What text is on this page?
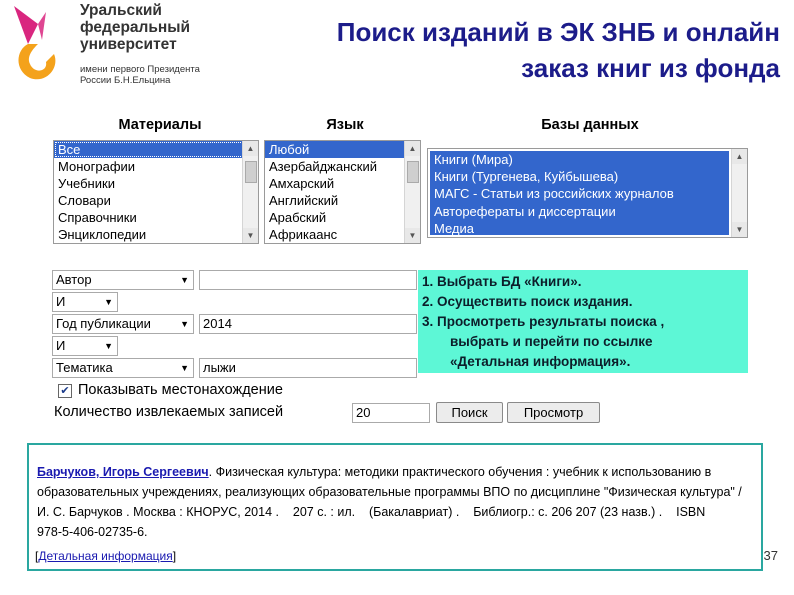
Уральский
федеральный
университет
имени первого Президента
России Б.Н.Ельцина
Поиск изданий в ЭК ЗНБ и онлайн
заказ книг из фонда
Материалы	Язык	Базы данных
Все
Монографии
Учебники
Словари
Справочники
Энциклопедии
▲
▼
Любой
Азербайджанский
Амхарский
Английский
Арабский
Африкаанс
▲
▼
Книги (Мира)
Книги (Тургенева, Куйбышева)
МАГС - Статьи из российских журналов
Авторефераты и диссертации
Медиа
▲
▼
Автор	▼
И	▼
Год публикации	▼	2014
И	▼
Тематика	▼	лыжи
1. Выбрать БД «Книги».
2. Осуществить поиск издания.
3. Просмотреть результаты поиска ,
выбрать и перейти по ссылке
«Детальная информация».
✔ Показывать местонахождение
Количество извлекаемых записей	20	Поиск	Просмотр
Барчуков, Игорь Сергеевич. Физическая культура: методики практического обучения : учебник к использованию в
образовательных учреждениях, реализующих образовательные программы ВПО по дисциплине "Физическая культура" /
И. С. Барчуков . Москва : КНОРУС, 2014 .    207 с. : ил.    (Бакалавриат) .    Библиогр.: с. 206 207 (23 назв.) .    ISBN
978-5-406-02735-6.
[Детальная информация]	37
